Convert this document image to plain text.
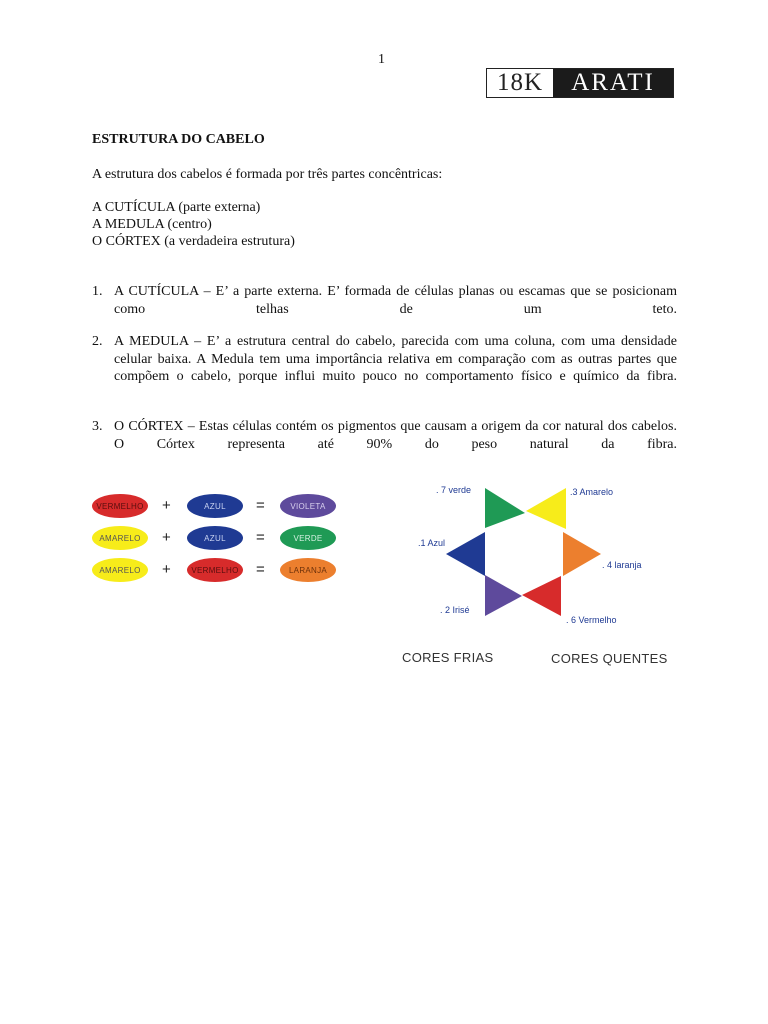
1
18K	ARATI
ESTRUTURA DO CABELO
A estrutura dos cabelos é formada por três partes concêntricas:
A CUTÍCULA (parte externa)
A MEDULA (centro)
O CÓRTEX (a verdadeira estrutura)
1. A CUTÍCULA – E’ a parte externa. E’ formada de células planas ou escamas que se posicionam como telhas de um teto.
2. A MEDULA – E’ a estrutura central do cabelo, parecida com uma coluna, com uma densidade celular baixa. A Medula tem uma importância relativa em comparação com as outras partes que compõem o cabelo, porque influi muito pouco no comportamento físico e químico da fibra.
3. O CÓRTEX – Estas células contém os pigmentos que causam a origem da cor natural dos cabelos. O Córtex representa até 90% do peso natural da fibra.
VERMELHO +	AZUL	=	VIOLETA
AMARELO	+	AZUL	=	VERDE
AMARELO	+	VERMELHO =	LARANJA
. 7 verde	.3 Amarelo
.1 Azul
. 4 laranja
. 2 Irisé
. 6 Vermelho
CORES FRIAS	CORES QUENTES
